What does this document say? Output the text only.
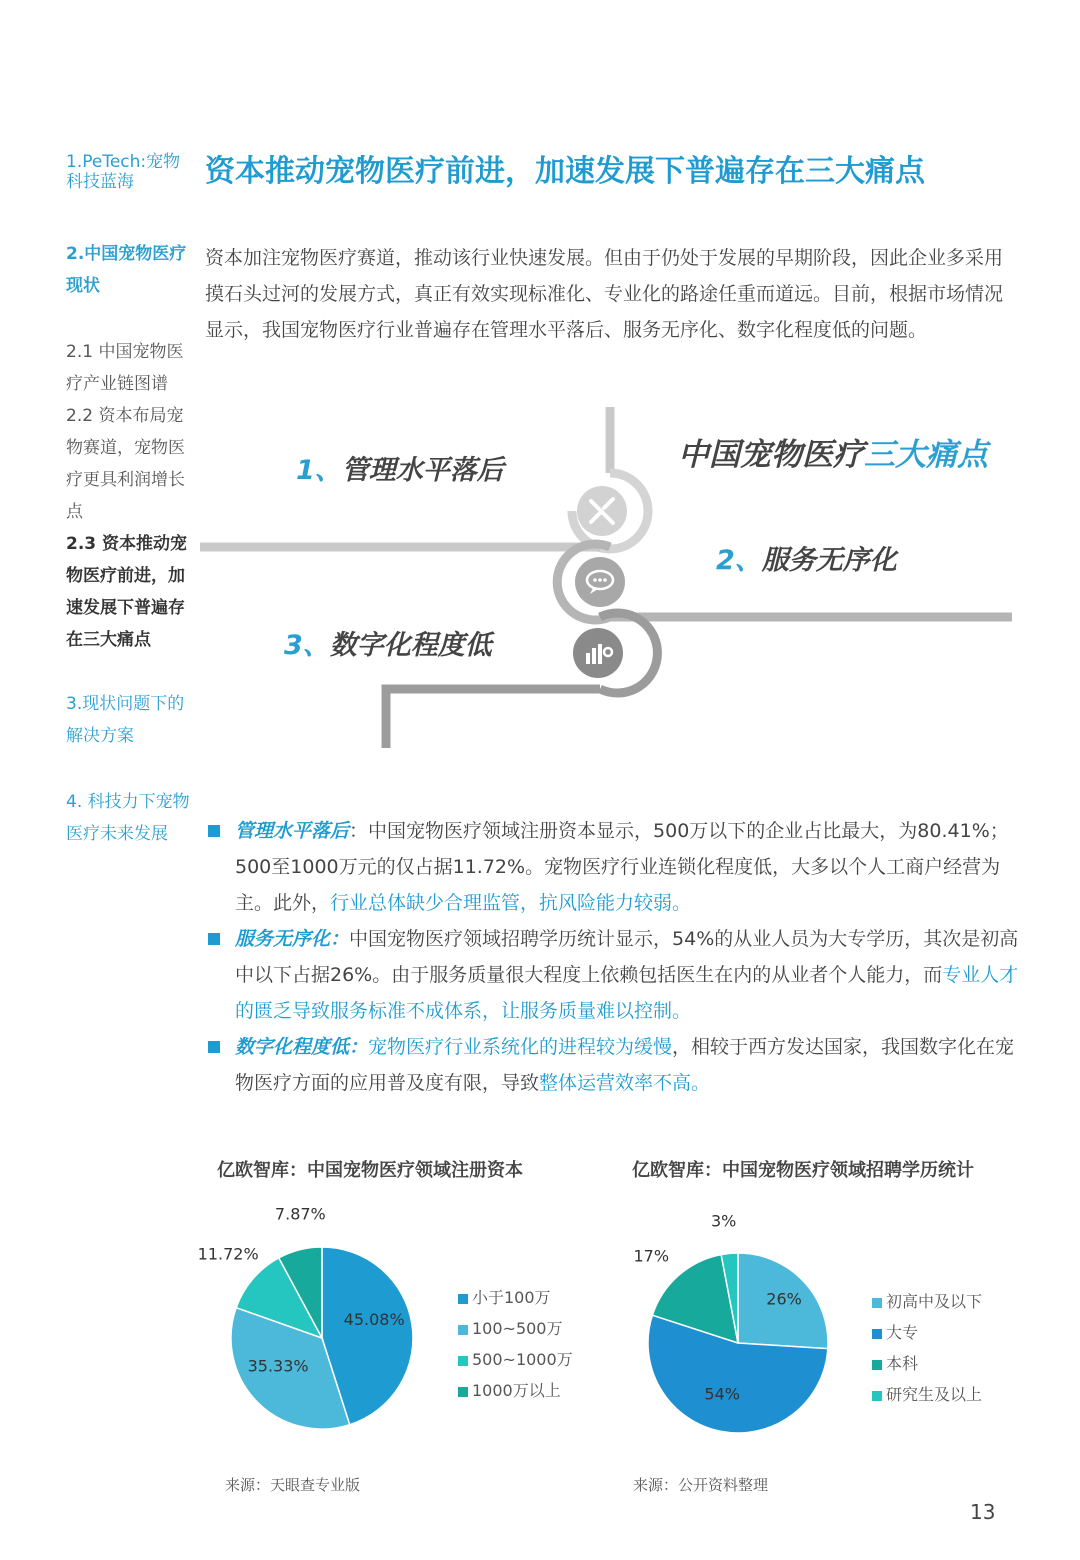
1.PeTech:宠物科技蓝海
2.中国宠物医疗现状
2.1 中国宠物医疗产业链图谱
2.2 资本布局宠物赛道，宠物医疗更具利润增长点
2.3 资本推动宠物医疗前进，加速发展下普遍存在三大痛点
3.现状问题下的解决方案
4. 科技力下宠物医疗未来发展
资本推动宠物医疗前进，加速发展下普遍存在三大痛点
资本加注宠物医疗赛道，推动该行业快速发展。但由于仍处于发展的早期阶段，因此企业多采用摸石头过河的发展方式，真正有效实现标准化、专业化的路途任重而道远。目前，根据市场情况显示，我国宠物医疗行业普遍存在管理水平落后、服务无序化、数字化程度低的问题。
中国宠物医疗三大痛点
1、管理水平落后
2、服务无序化
3、数字化程度低
管理水平落后：中国宠物医疗领域注册资本显示，500万以下的企业占比最大，为80.41%；500至1000万元的仅占据11.72%。宠物医疗行业连锁化程度低，大多以个人工商户经营为主。此外，行业总体缺少合理监管，抗风险能力较弱。
服务无序化：中国宠物医疗领域招聘学历统计显示，54%的从业人员为大专学历，其次是初高中以下占据26%。由于服务质量很大程度上依赖包括医生在内的从业者个人能力，而专业人才的匮乏导致服务标准不成体系，让服务质量难以控制。
数字化程度低：宠物医疗行业系统化的进程较为缓慢，相较于西方发达国家，我国数字化在宠物医疗方面的应用普及度有限，导致整体运营效率不高。
亿欧智库：中国宠物医疗领域注册资本	亿欧智库：中国宠物医疗领域招聘学历统计
45.08%
35.33%
11.72%
7.87%
26%
54%
17%
3%
小于100万
100~500万
500~1000万
1000万以上
初高中及以下
大专
本科
研究生及以上
来源：天眼查专业版	来源：公开资料整理
13
